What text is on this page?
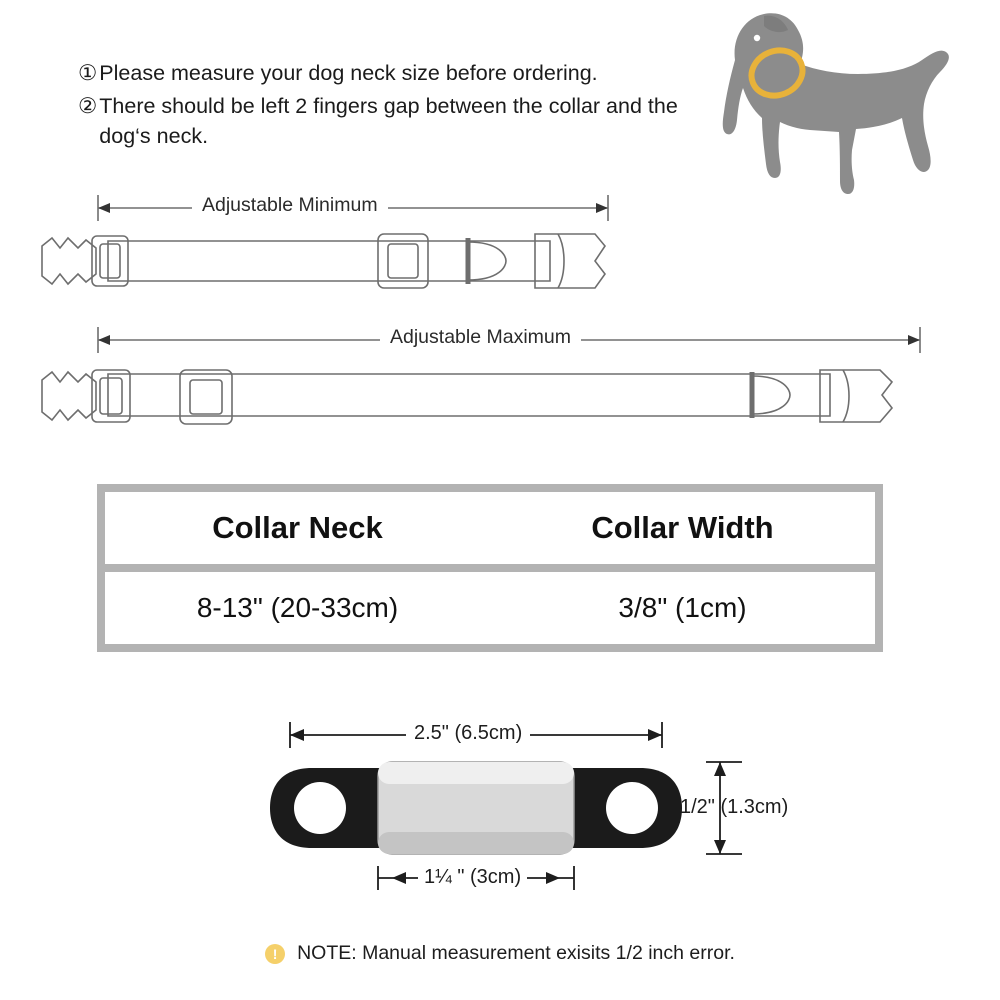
① Please measure your dog neck size before ordering.
② There should be left 2 fingers gap between the collar and the dog‘s neck.
Adjustable Minimum
Adjustable Maximum
Collar Neck	Collar Width
8-13" (20-33cm)	3/8" (1cm)
2.5" (6.5cm)
1/2" (1.3cm)
1¼ " (3cm)
!	NOTE: Manual measurement exisits 1/2 inch error.
